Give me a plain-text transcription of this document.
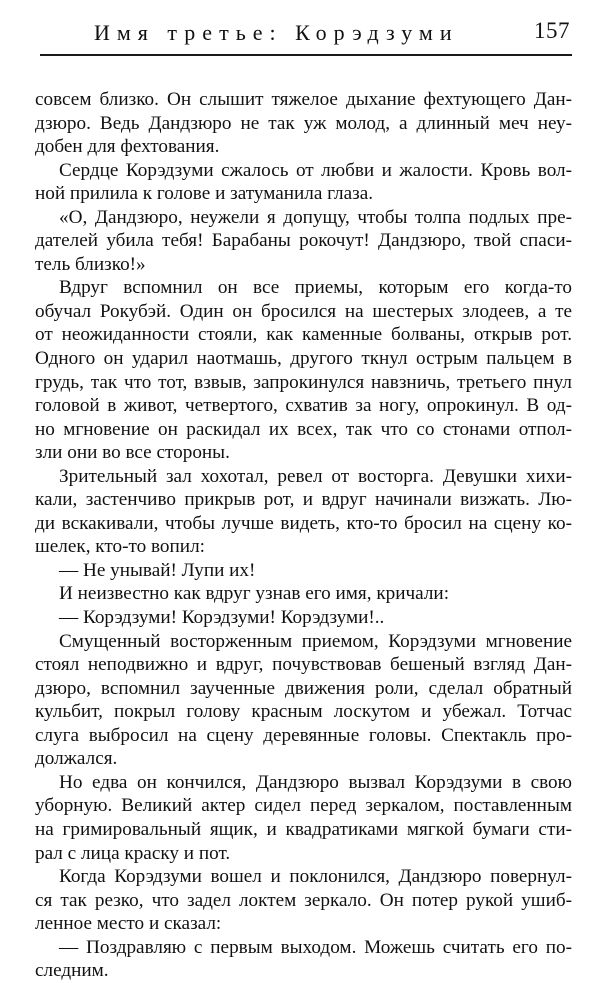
Имя третье: Корэдзуми	157

совсем близко. Он слышит тяжелое дыхание фехтующего Дан-
дзюро. Ведь Дандзюро не так уж молод, а длинный меч неу-
добен для фехтования.

Сердце Корэдзуми сжалось от любви и жалости. Кровь вол-
ной прилила к голове и затуманила глаза.

«О, Дандзюро, неужели я допущу, чтобы толпа подлых пре-
дателей убила тебя! Барабаны рокочут! Дандзюро, твой спаси-
тель близко!»

Вдруг вспомнил он все приемы, которым его когда-то
обучал Рокубэй. Один он бросился на шестерых злодеев, а те
от неожиданности стояли, как каменные болваны, открыв рот.
Одного он ударил наотмашь, другого ткнул острым пальцем в
грудь, так что тот, взвыв, запрокинулся навзничь, третьего пнул
головой в живот, четвертого, схватив за ногу, опрокинул. В од-
но мгновение он раскидал их всех, так что со стонами отпол-
зли они во все стороны.

Зрительный зал хохотал, ревел от восторга. Девушки хихи-
кали, застенчиво прикрыв рот, и вдруг начинали визжать. Лю-
ди вскакивали, чтобы лучше видеть, кто-то бросил на сцену ко-
шелек, кто-то вопил:

— Не унывай! Лупи их!

И неизвестно как вдруг узнав его имя, кричали:

— Корэдзуми! Корэдзуми! Корэдзуми!..

Смущенный восторженным приемом, Корэдзуми мгновение
стоял неподвижно и вдруг, почувствовав бешеный взгляд Дан-
дзюро, вспомнил заученные движения роли, сделал обратный
кульбит, покрыл голову красным лоскутом и убежал. Тотчас
слуга выбросил на сцену деревянные головы. Спектакль про-
должался.

Но едва он кончился, Дандзюро вызвал Корэдзуми в свою
уборную. Великий актер сидел перед зеркалом, поставленным
на гримировальный ящик, и квадратиками мягкой бумаги сти-
рал с лица краску и пот.

Когда Корэдзуми вошел и поклонился, Дандзюро повернул-
ся так резко, что задел локтем зеркало. Он потер рукой ушиб-
ленное место и сказал:

— Поздравляю с первым выходом. Можешь считать его по-
следним.
